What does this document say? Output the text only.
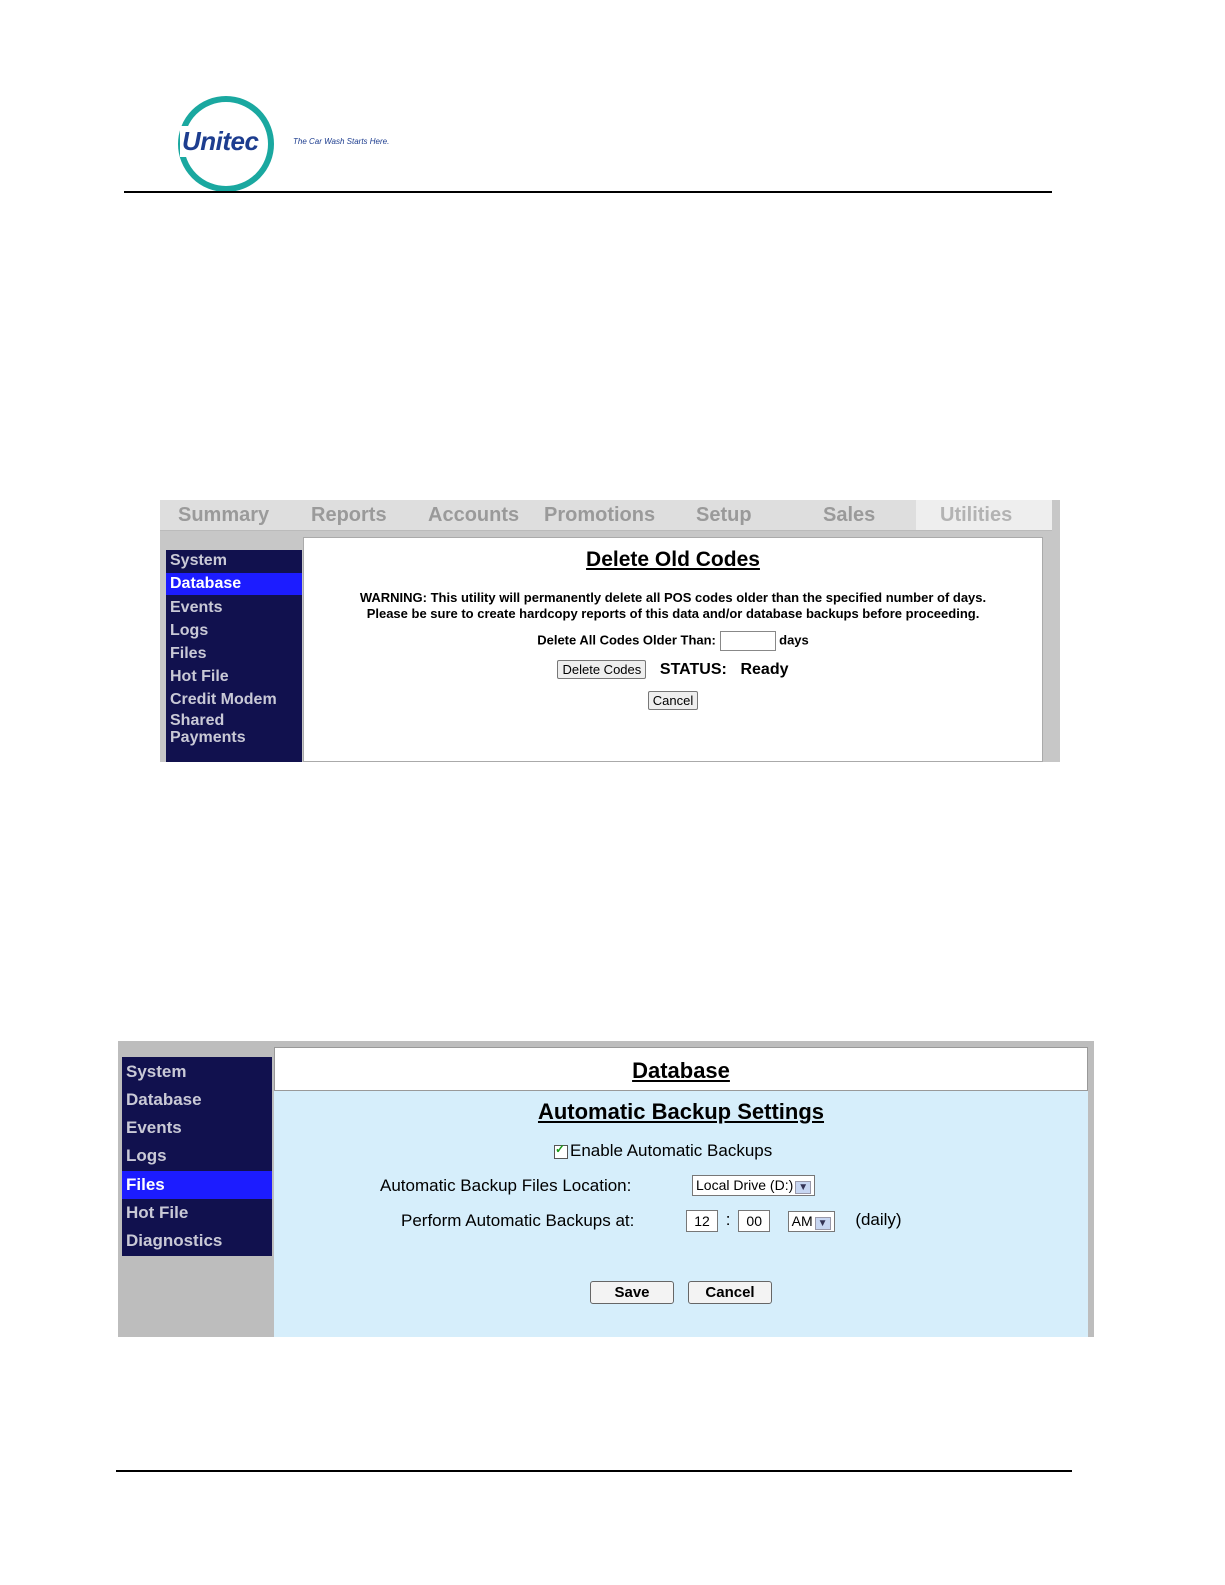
Unitec	The Car Wash Starts Here.
Summary Reports Accounts Promotions Setup	Sales	Utilities
System
Database
Events
Logs
Files
Hot File
Credit Modem
Shared
Payments
Delete Old Codes
WARNING: This utility will permanently delete all POS codes older than the specified number of days.
Please be sure to create hardcopy reports of this data and/or database backups before proceeding.
Delete All Codes Older Than:	days
Delete Codes STATUS: Ready
Cancel
System
Database
Events
Logs
Files
Hot File
Diagnostics
Database
Automatic Backup Settings
✓ Enable Automatic Backups
Automatic Backup Files Location:	Local Drive (D:) ▼
Perform Automatic Backups at:	12 : 00 AM ▼ (daily)
Save	Cancel
